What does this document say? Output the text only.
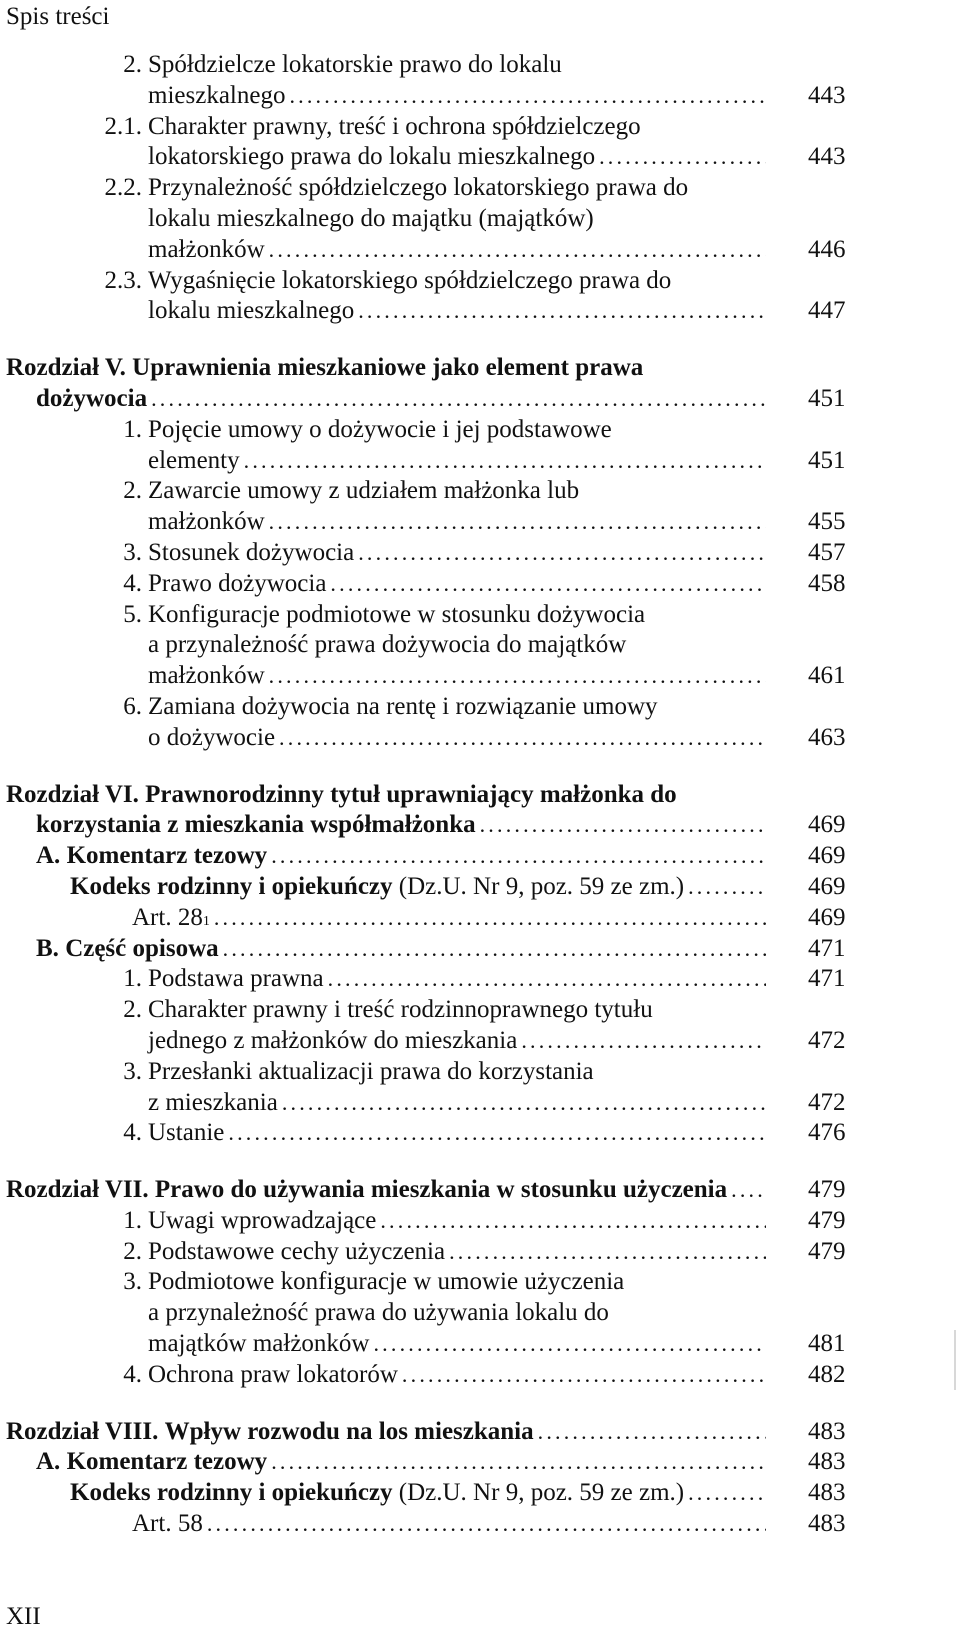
Spis treści
2. Spółdzielcze lokatorskie prawo do lokalu
mieszkalnego .....	443
2.1. Charakter prawny, treść i ochrona spółdzielczego
lokatorskiego prawa do lokalu mieszkalnego .....	443
2.2. Przynależność spółdzielczego lokatorskiego prawa do
lokalu mieszkalnego do majątku (majątków)
małżonków .....	446
2.3. Wygaśnięcie lokatorskiego spółdzielczego prawa do
lokalu mieszkalnego .....	447
Rozdział V. Uprawnienia mieszkaniowe jako element prawa
dożywocia .....	451
1. Pojęcie umowy o dożywocie i jej podstawowe
elementy .....	451
2. Zawarcie umowy z udziałem małżonka lub
małżonków .....	455
3. Stosunek dożywocia .....	457
4. Prawo dożywocia .....	458
5. Konfiguracje podmiotowe w stosunku dożywocia
a przynależność prawa dożywocia do majątków
małżonków .....	461
6. Zamiana dożywocia na rentę i rozwiązanie umowy
o dożywocie .....	463
Rozdział VI. Prawnorodzinny tytuł uprawniający małżonka do
korzystania z mieszkania współmałżonka .....	469
A. Komentarz tezowy .....	469
Kodeks rodzinny i opiekuńczy
(Dz.U. Nr 9, poz. 59 ze zm.) .....	469
Art. 28 1 .....	469
B. Część opisowa .....	471
1. Podstawa prawna .....	471
2. Charakter prawny i treść rodzinnoprawnego tytułu
jednego z małżonków do mieszkania .....	472
3. Przesłanki aktualizacji prawa do korzystania
z mieszkania .....	472
4. Ustanie .....	476
Rozdział VII. Prawo do używania mieszkania w stosunku użyczenia .....	479
1. Uwagi wprowadzające .....	479
2. Podstawowe cechy użyczenia .....	479
3. Podmiotowe konfiguracje w umowie użyczenia
a przynależność prawa do używania lokalu do
majątków małżonków .....	481
4. Ochrona praw lokatorów .....	482
Rozdział VIII. Wpływ rozwodu na los mieszkania .....	483
A. Komentarz tezowy .....	483
Kodeks rodzinny i opiekuńczy
(Dz.U. Nr 9, poz. 59 ze zm.) .....	483
Art. 58 .....	483
XII
